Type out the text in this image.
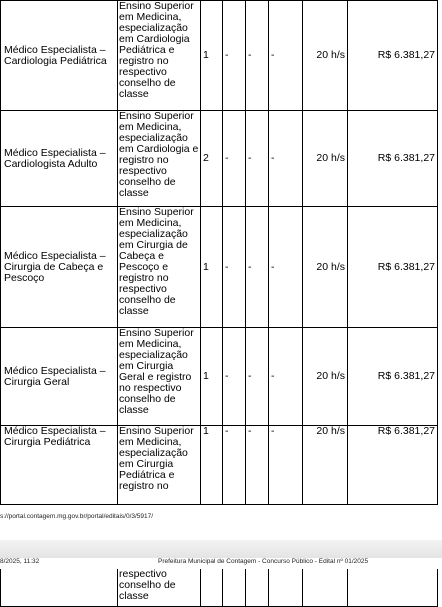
Médico Especialista – Cardiologia Pediátrica	Ensino Superior em Medicina, especialização em Cardiologia Pediátrica e registro no respectivo conselho de classe	1	-	-	-	20 h/s	R$ 6.381,27
Médico Especialista – Cardiologista Adulto	Ensino Superior em Medicina, especialização em Cardiologia e registro no respectivo conselho de classe	2	-	-	-	20 h/s	R$ 6.381,27
Médico Especialista – Cirurgia de Cabeça e Pescoço	Ensino Superior em Medicina, especialização em Cirurgia de Cabeça e Pescoço e registro no respectivo conselho de classe	1	-	-	-	20 h/s	R$ 6.381,27
Médico Especialista – Cirurgia Geral	Ensino Superior em Medicina, especialização em Cirurgia Geral e registro no respectivo conselho de classe	1	-	-	-	20 h/s	R$ 6.381,27
Médico Especialista – Cirurgia Pediátrica	Ensino Superior em Medicina, especialização em Cirurgia Pediátrica e registro no	1	-	-	-	20 h/s	R$ 6.381,27
s://portal.contagem.mg.gov.br/portal/editais/0/3/5917/
8/2025, 11:32	Prefeitura Municipal de Contagem - Concurso Público - Edital nº 01/2025
	respectivo conselho de classe						
